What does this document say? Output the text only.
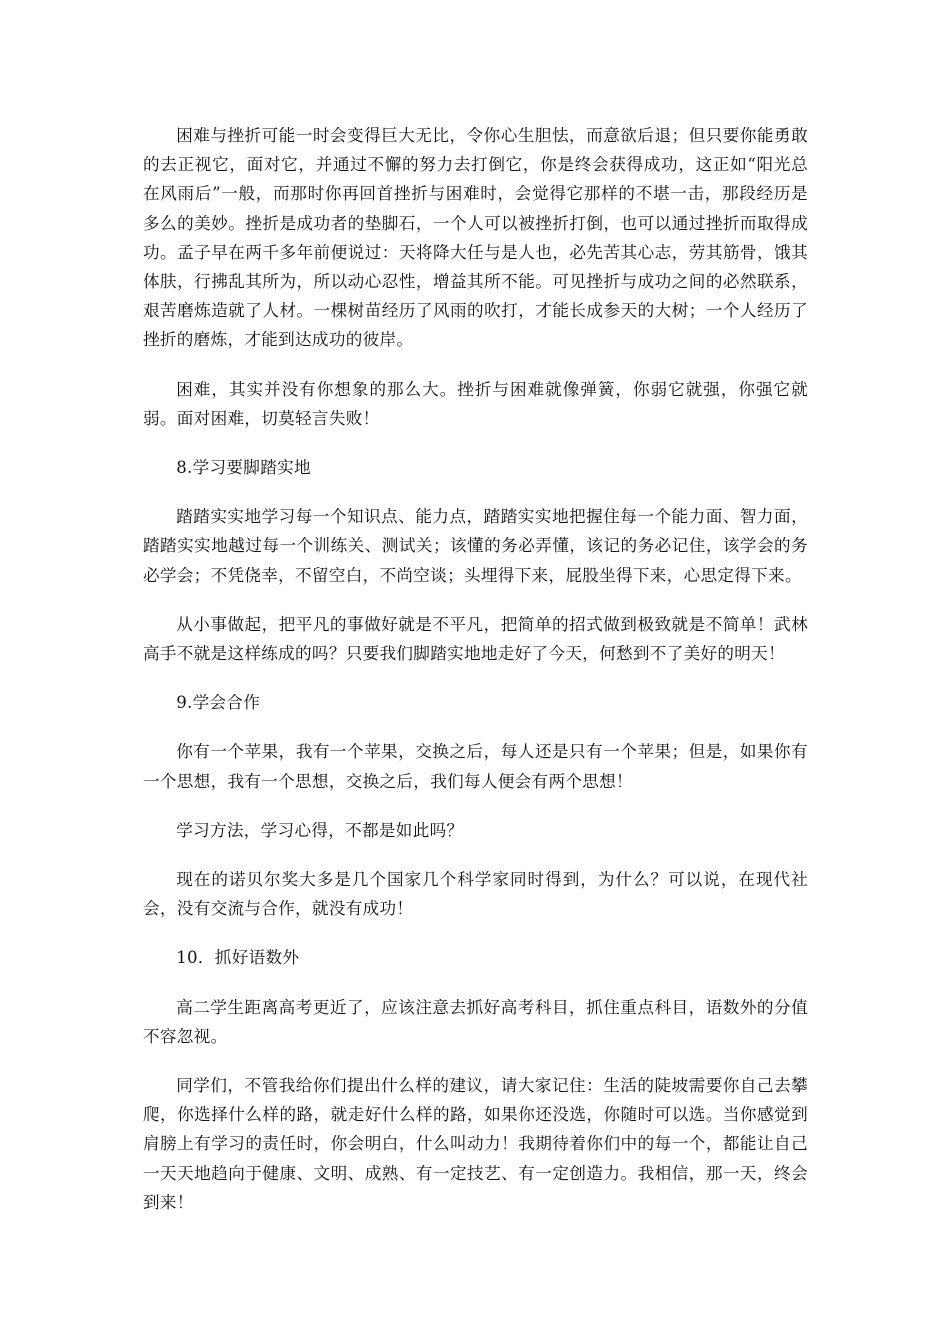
困难与挫折可能一时会变得巨大无比，令你心生胆怯，而意欲后退；但只要你能勇敢的去正视它，面对它，并通过不懈的努力去打倒它，你是终会获得成功，这正如“阳光总在风雨后”一般，而那时你再回首挫折与困难时，会觉得它那样的不堪一击，那段经历是多么的美妙。挫折是成功者的垫脚石，一个人可以被挫折打倒，也可以通过挫折而取得成功。孟子早在两千多年前便说过：天将降大任与是人也，必先苦其心志，劳其筋骨，饿其体肤，行拂乱其所为，所以动心忍性，增益其所不能。可见挫折与成功之间的必然联系，艰苦磨炼造就了人材。一棵树苗经历了风雨的吹打，才能长成参天的大树；一个人经历了挫折的磨炼，才能到达成功的彼岸。

困难，其实并没有你想象的那么大。挫折与困难就像弹簧，你弱它就强，你强它就弱。面对困难，切莫轻言失败！

8.学习要脚踏实地

踏踏实实地学习每一个知识点、能力点，踏踏实实地把握住每一个能力面、智力面，踏踏实实地越过每一个训练关、测试关；该懂的务必弄懂，该记的务必记住，该学会的务必学会；不凭侥幸，不留空白，不尚空谈；头埋得下来，屁股坐得下来，心思定得下来。

从小事做起，把平凡的事做好就是不平凡，把简单的招式做到极致就是不简单！武林高手不就是这样练成的吗？只要我们脚踏实地地走好了今天，何愁到不了美好的明天！

9.学会合作

你有一个苹果，我有一个苹果，交换之后，每人还是只有一个苹果；但是，如果你有一个思想，我有一个思想，交换之后，我们每人便会有两个思想！

学习方法，学习心得，不都是如此吗？

现在的诺贝尔奖大多是几个国家几个科学家同时得到，为什么？可以说，在现代社会，没有交流与合作，就没有成功！

10．抓好语数外

高二学生距离高考更近了，应该注意去抓好高考科目，抓住重点科目，语数外的分值不容忽视。

同学们，不管我给你们提出什么样的建议，请大家记住：生活的陡坡需要你自己去攀爬，你选择什么样的路，就走好什么样的路，如果你还没选，你随时可以选。当你感觉到肩膀上有学习的责任时，你会明白，什么叫动力！我期待着你们中的每一个，都能让自己一天天地趋向于健康、文明、成熟、有一定技艺、有一定创造力。我相信，那一天，终会到来！
